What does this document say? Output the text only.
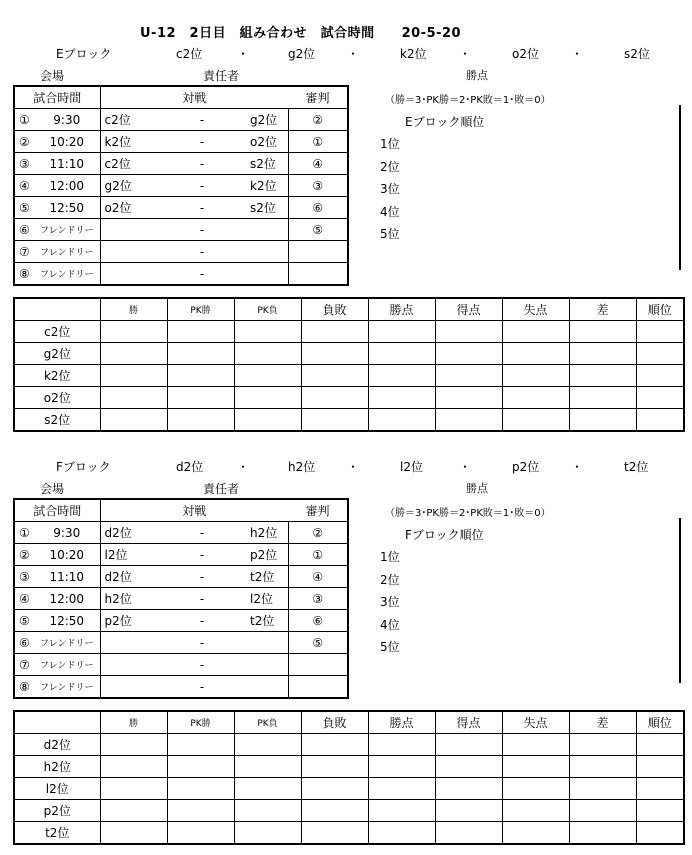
U-12　2日目　組み合わせ　試合時間　　20-5-20
Eブロック	c2位	g2位	k2位	o2位	s2位
･	･	･	･
会場	責任者	勝点
試合時間		対戦			審判
①	9:30	c2位	-	g2位	②
②	10:20	k2位	-	o2位	①
③	11:10	c2位	-	s2位	④
④	12:00	g2位	-	k2位	③
⑤	12:50	o2位	-	s2位	⑥
⑥	フレンドリー		-		⑤
⑦	フレンドリー		-		
⑧	フレンドリー		-		
（勝＝3･PK勝＝2･PK敗＝1･敗＝0）
Eブロック順位
1位
2位
3位
4位
5位
	勝	PK勝	PK負	負敗	勝点	得点	失点	差	順位
c2位									
g2位									
k2位									
o2位									
s2位									
Fブロック	d2位	h2位	l2位	p2位	t2位
･	･	･	･
会場	責任者	勝点
試合時間		対戦			審判
①	9:30	d2位	-	h2位	②
②	10:20	l2位	-	p2位	①
③	11:10	d2位	-	t2位	④
④	12:00	h2位	-	l2位	③
⑤	12:50	p2位	-	t2位	⑥
⑥	フレンドリー		-		⑤
⑦	フレンドリー		-		
⑧	フレンドリー		-		
（勝＝3･PK勝＝2･PK敗＝1･敗＝0）
Fブロック順位
1位
2位
3位
4位
5位
	勝	PK勝	PK負	負敗	勝点	得点	失点	差	順位
d2位									
h2位									
l2位									
p2位									
t2位									
